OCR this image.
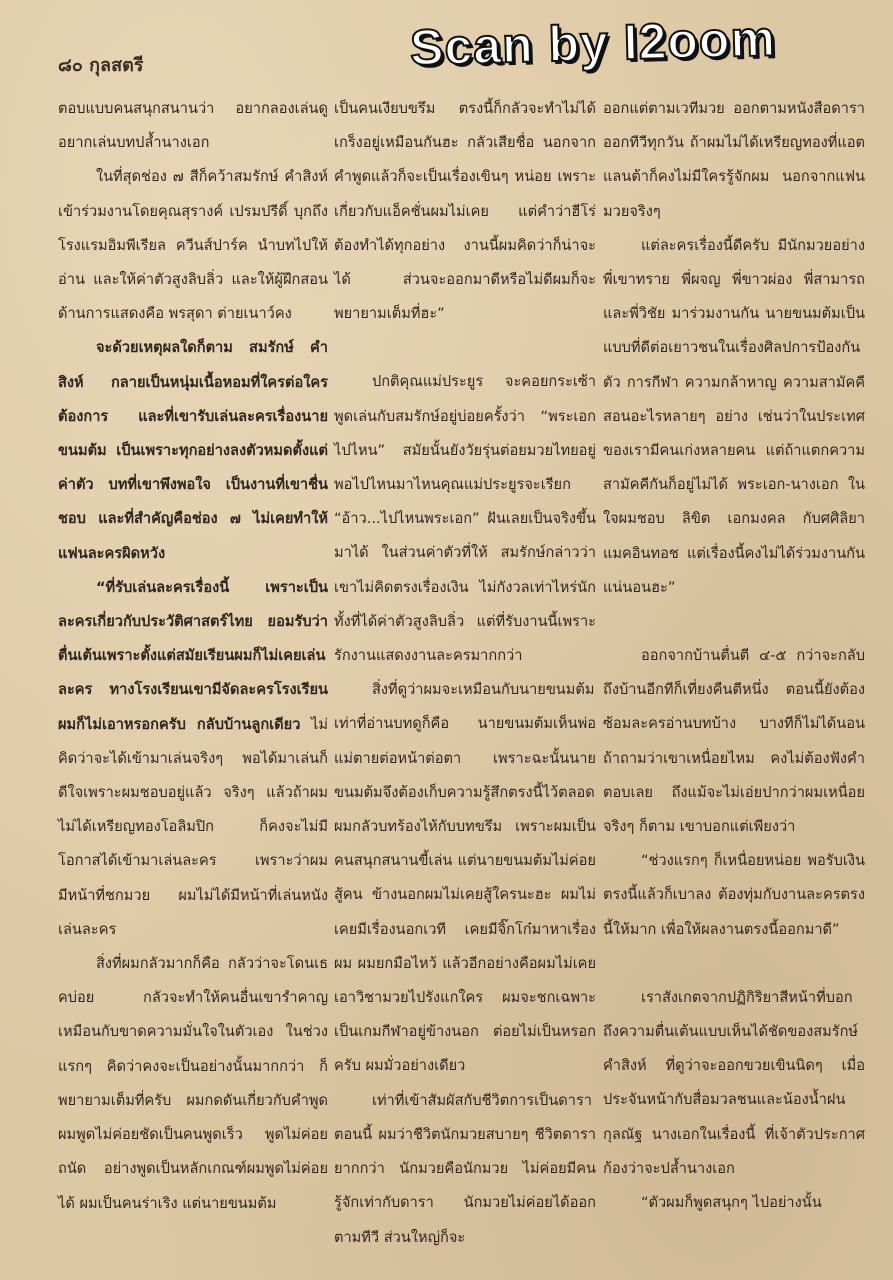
๘๐ กุลสตรี	Scan by I2oom

ตอบแบบคนสนุกสนานว่า อยากลองเล่นดู อยากเล่นบทปล้ำนางเอก

ในที่สุดช่อง ๗ สีก็คว้าสมรักษ์ คำสิงห์ เข้าร่วมงานโดยคุณสุรางค์ เปรมปรีดิ์ บุกถึงโรงแรมอิมพีเรียล ควีนส์ปาร์ค นำบทไปให้อ่าน และให้ค่าตัวสูงลิบลิ่ว และให้ผู้ฝึกสอนด้านการแสดงคือ พรสุดา ต่ายเนาว์คง

จะด้วยเหตุผลใดก็ตาม สมรักษ์ คำสิงห์ กลายเป็นหนุ่มเนื้อหอมที่ใครต่อใครต้องการ และที่เขารับเล่นละครเรื่องนายขนมต้ม เป็นเพราะทุกอย่างลงตัวหมดตั้งแต่ค่าตัว บทที่เขาพึงพอใจ เป็นงานที่เขาชื่นชอบ และที่สำคัญคือช่อง ๗ ไม่เคยทำให้แฟนละครผิดหวัง

“ที่รับเล่นละครเรื่องนี้ เพราะเป็นละครเกี่ยวกับประวัติศาสตร์ไทย ยอมรับว่าตื่นเต้นเพราะตั้งแต่สมัยเรียนผมก็ไม่เคยเล่นละคร ทางโรงเรียนเขามีจัดละครโรงเรียน ผมก็ไม่เอาหรอกครับ กลับบ้านลูกเดียว ไม่คิดว่าจะได้เข้ามาเล่นจริงๆ พอได้มาเล่นก็ดีใจเพราะผมชอบอยู่แล้ว จริงๆ แล้วถ้าผมไม่ได้เหรียญทองโอลิมปิก ก็คงจะไม่มีโอกาสได้เข้ามาเล่นละคร เพราะว่าผมมีหน้าที่ชกมวย ผมไม่ได้มีหน้าที่เล่นหนังเล่นละคร

สิ่งที่ผมกลัวมากก็คือ กลัวว่าจะโดนเธคบ่อย กลัวจะทำให้คนอื่นเขารำคาญ เหมือนกับขาดความมั่นใจในตัวเอง ในช่วงแรกๆ คิดว่าคงจะเป็นอย่างนั้นมากกว่า ก็พยายามเต็มที่ครับ ผมกดดันเกี่ยวกับคำพูด ผมพูดไม่ค่อยชัดเป็นคนพูดเร็ว พูดไม่ค่อยถนัด อย่างพูดเป็นหลักเกณฑ์ผมพูดไม่ค่อยได้ ผมเป็นคนร่าเริง แต่นายขนมต้ม

เป็นคนเงียบขรึม ตรงนี้ก็กลัวจะทำไม่ได้ เกร็งอยู่เหมือนกันฮะ กลัวเสียชื่อ นอกจากคำพูดแล้วก็จะเป็นเรื่องเขินๆ หน่อย เพราะเกี่ยวกับแอ็คชั่นผมไม่เคย แต่คำว่าฮีโร่ต้องทำได้ทุกอย่าง งานนี้ผมคิดว่าก็น่าจะได้ ส่วนจะออกมาดีหรือไม่ดีผมก็จะพยายามเต็มที่ฮะ”

ปกติคุณแม่ประยูร จะคอยกระเซ้าพูดเล่นกับสมรักษ์อยู่บ่อยครั้งว่า “พระเอกไปไหน” สมัยนั้นยังวัยรุ่นต่อยมวยไทยอยู่ พอไปไหนมาไหนคุณแม่ประยูรจะเรียก “อ้าว...ไปไหนพระเอก” ฝันเลยเป็นจริงขึ้นมาได้ ในส่วนค่าตัวที่ให้ สมรักษ์กล่าวว่าเขาไม่คิดตรงเรื่องเงิน ไม่กังวลเท่าไหร่นัก ทั้งที่ได้ค่าตัวสูงลิบลิ่ว แต่ที่รับงานนี้เพราะรักงานแสดงงานละครมากกว่า

สิ่งที่ดูว่าผมจะเหมือนกับนายขนมต้ม เท่าที่อ่านบทดูก็คือ นายขนมต้มเห็นพ่อแม่ตายต่อหน้าต่อตา เพราะฉะนั้นนายขนมต้มจึงต้องเก็บความรู้สึกตรงนี้ไว้ตลอด ผมกลัวบทร้องไห้กับบทขรึม เพราะผมเป็นคนสนุกสนานขี้เล่น แต่นายขนมต้มไม่ค่อยสู้คน ข้างนอกผมไม่เคยสู้ใครนะฮะ ผมไม่เคยมีเรื่องนอกเวที เคยมีจิ๊กโก๋มาหาเรื่องผม ผมยกมือไหว้ แล้วอีกอย่างคือผมไม่เคยเอาวิชามวยไปรังแกใคร ผมจะชกเฉพาะเป็นเกมกีฬาอยู่ข้างนอก ต่อยไม่เป็นหรอกครับ ผมมั่วอย่างเดียว

เท่าที่เข้าสัมผัสกับชีวิตการเป็นดาราตอนนี้ ผมว่าชีวิตนักมวยสบายๆ ชีวิตดารายากกว่า นักมวยคือนักมวย ไม่ค่อยมีคนรู้จักเท่ากับดารา นักมวยไม่ค่อยได้ออกตามทีวี ส่วนใหญ่ก็จะ

ออกแต่ตามเวทีมวย ออกตามหนังสือดาราออกทีวีทุกวัน ถ้าผมไม่ได้เหรียญทองที่แอตแลนต้าก็คงไม่มีใครรู้จักผม นอกจากแฟนมวยจริงๆ

แต่ละครเรื่องนี้ดีครับ มีนักมวยอย่าง พี่เขาทราย พี่ผจญ พี่ขาวผ่อง พี่สามารถ และพี่วิชัย มาร่วมงานกัน นายขนมต้มเป็นแบบที่ดีต่อเยาวชนในเรื่องศิลปการป้องกันตัว การกีฬา ความกล้าหาญ ความสามัคคี สอนอะไรหลายๆ อย่าง เช่นว่าในประเทศของเรามีคนเก่งหลายคน แต่ถ้าแตกความสามัคคีกันก็อยู่ไม่ได้ พระเอก-นางเอก ในใจผมชอบ ลิขิต เอกมงคล กับศศิลิยา แมคอินทอช แต่เรื่องนี้คงไม่ได้ร่วมงานกันแน่นอนฮะ”

ออกจากบ้านตื่นตี ๔-๕ กว่าจะกลับถึงบ้านอีกทีก็เที่ยงคืนตีหนึ่ง ตอนนี้ยังต้องซ้อมละครอ่านบทบ้าง บางทีก็ไม่ได้นอน ถ้าถามว่าเขาเหนื่อยไหม คงไม่ต้องฟังคำตอบเลย ถึงแม้จะไม่เอ่ยปากว่าผมเหนื่อยจริงๆ ก็ตาม เขาบอกแต่เพียงว่า

“ช่วงแรกๆ ก็เหนื่อยหน่อย พอรับเงินตรงนี้แล้วก็เบาลง ต้องทุ่มกับงานละครตรงนี้ให้มาก เพื่อให้ผลงานตรงนี้ออกมาดี”

เราสังเกตจากปฏิกิริยาสีหน้าที่บอกถึงความตื่นเต้นแบบเห็นได้ชัดของสมรักษ์ คำสิงห์ ที่ดูว่าจะออกขวยเขินนิดๆ เมื่อประจันหน้ากับสื่อมวลชนและน้องน้ำฝน กุลณัฐ นางเอกในเรื่องนี้ ที่เจ้าตัวประกาศก้องว่าจะปล้ำนางเอก

“ตัวผมก็พูดสนุกๆ ไปอย่างนั้น
